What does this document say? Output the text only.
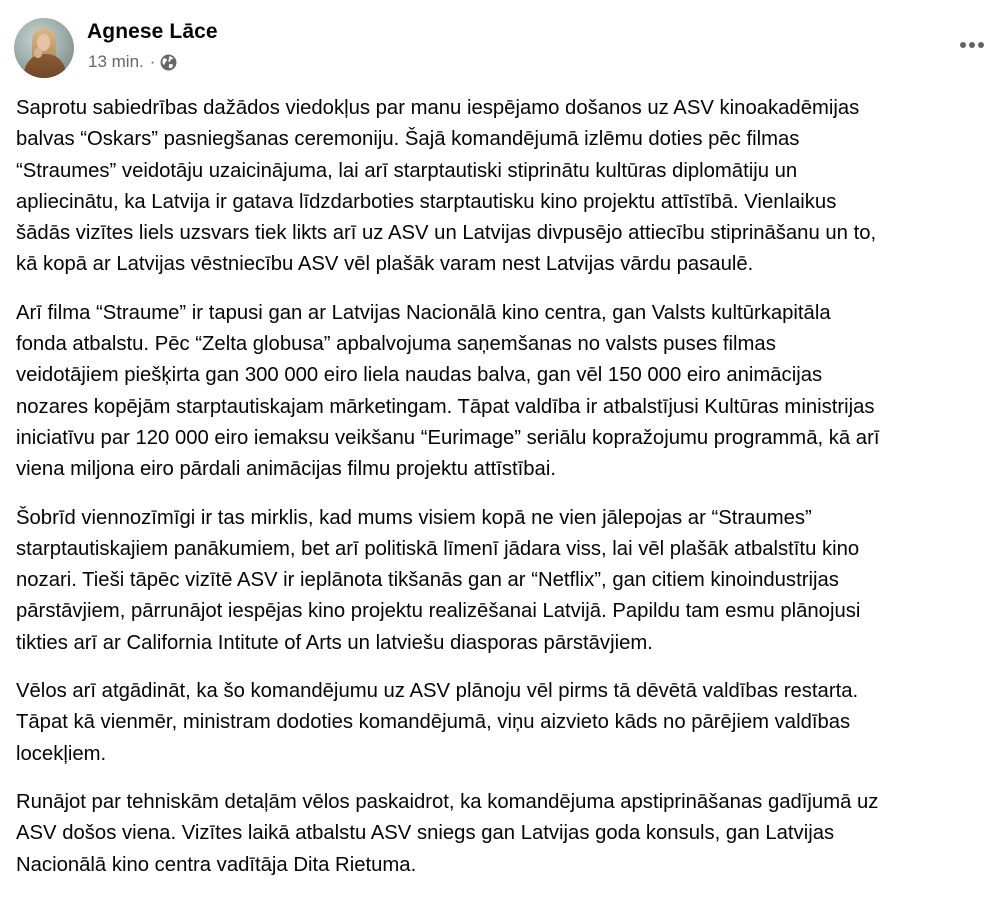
Agnese Lāce
13 min. ·

Saprotu sabiedrības dažādos viedokļus par manu iespējamo došanos uz ASV kinoakadēmijas
balvas “Oskars” pasniegšanas ceremoniju. Šajā komandējumā izlēmu doties pēc filmas
“Straumes” veidotāju uzaicinājuma, lai arī starptautiski stiprinātu kultūras diplomātiju un
apliecinātu, ka Latvija ir gatava līdzdarboties starptautisku kino projektu attīstībā. Vienlaikus
šādās vizītes liels uzsvars tiek likts arī uz ASV un Latvijas divpusējo attiecību stiprināšanu un to,
kā kopā ar Latvijas vēstniecību ASV vēl plašāk varam nest Latvijas vārdu pasaulē.

Arī filma “Straume” ir tapusi gan ar Latvijas Nacionālā kino centra, gan Valsts kultūrkapitāla
fonda atbalstu. Pēc “Zelta globusa” apbalvojuma saņemšanas no valsts puses filmas
veidotājiem piešķirta gan 300 000 eiro liela naudas balva, gan vēl 150 000 eiro animācijas
nozares kopējām starptautiskajam mārketingam. Tāpat valdība ir atbalstījusi Kultūras ministrijas
iniciatīvu par 120 000 eiro iemaksu veikšanu “Eurimage” seriālu kopražojumu programmā, kā arī
viena miljona eiro pārdali animācijas filmu projektu attīstībai.

Šobrīd viennozīmīgi ir tas mirklis, kad mums visiem kopā ne vien jālepojas ar “Straumes”
starptautiskajiem panākumiem, bet arī politiskā līmenī jādara viss, lai vēl plašāk atbalstītu kino
nozari. Tieši tāpēc vizītē ASV ir ieplānota tikšanās gan ar “Netflix”, gan citiem kinoindustrijas
pārstāvjiem, pārrunājot iespējas kino projektu realizēšanai Latvijā. Papildu tam esmu plānojusi
tikties arī ar California Intitute of Arts un latviešu diasporas pārstāvjiem.

Vēlos arī atgādināt, ka šo komandējumu uz ASV plānoju vēl pirms tā dēvētā valdības restarta.
Tāpat kā vienmēr, ministram dodoties komandējumā, viņu aizvieto kāds no pārējiem valdības
locekļiem.

Runājot par tehniskām detaļām vēlos paskaidrot, ka komandējuma apstiprināšanas gadījumā uz
ASV došos viena. Vizītes laikā atbalstu ASV sniegs gan Latvijas goda konsuls, gan Latvijas
Nacionālā kino centra vadītāja Dita Rietuma.
